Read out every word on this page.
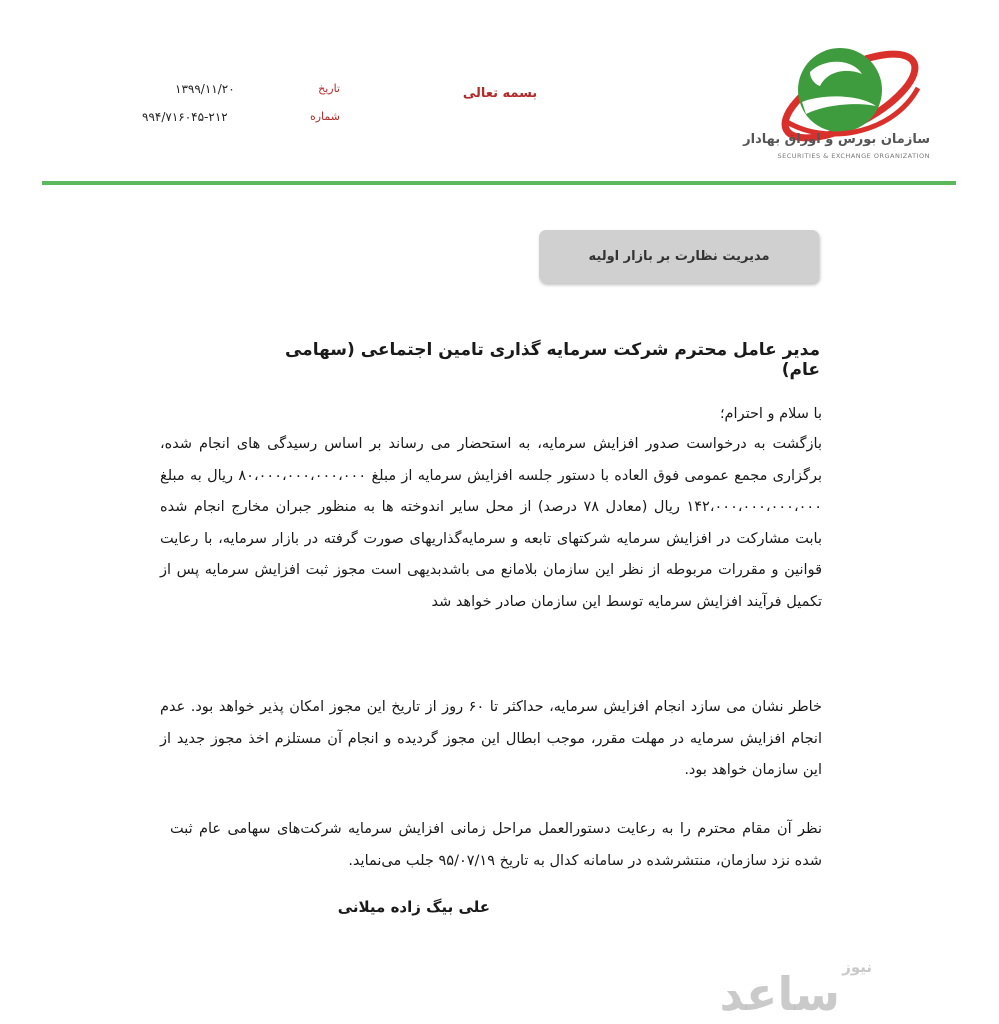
سازمان بورس و اوراق بهادار
SECURITIES & EXCHANGE ORGANIZATION
بسمه تعالی
تاریخ
۱۳۹۹/۱۱/۲۰
شماره
۹۹۴/۷۱۶۰۴۵-۲۱۲
مدیریت نظارت بر بازار اولیه
مدیر عامل محترم شرکت سرمایه گذاری تامین اجتماعی (سهامی عام)
با سلام و احترام؛
بازگشت به درخواست صدور افزایش سرمایه، به استحضار می رساند بر اساس رسیدگی های انجام شده، برگزاری مجمع عمومی فوق العاده با دستور جلسه افزایش سرمایه از مبلغ ۸۰،۰۰۰،۰۰۰،۰۰۰،۰۰۰ ریال به مبلغ ۱۴۲،۰۰۰،۰۰۰،۰۰۰،۰۰۰ ریال (معادل ۷۸ درصد) از محل سایر اندوخته ها به منظور جبران مخارج انجام شده بابت مشارکت در افزایش سرمایه شرکتهای تابعه و سرمایه‌گذاریهای صورت گرفته در بازار سرمایه، با رعایت قوانین و مقررات مربوطه از نظر این سازمان بلامانع می باشدبدیهی است مجوز ثبت افزایش سرمایه پس از تکمیل فرآیند افزایش سرمایه توسط این سازمان صادر خواهد شد
خاطر نشان می سازد انجام افزایش سرمایه، حداکثر تا ۶۰ روز از تاریخ این مجوز امکان پذیر خواهد بود. عدم انجام افزایش سرمایه در مهلت مقرر، موجب ابطال این مجوز گردیده و انجام آن مستلزم اخذ مجوز جدید از این سازمان خواهد بود.
نظر آن مقام محترم را به رعایت دستورالعمل مراحل زمانی افزایش سرمایه شرکت‌های سهامی عام ثبت شده نزد سازمان، منتشرشده در سامانه کدال به تاریخ ۹۵/۰۷/۱۹ جلب می‌نماید.
علی بیگ زاده میلانی
ساعد نیوز
